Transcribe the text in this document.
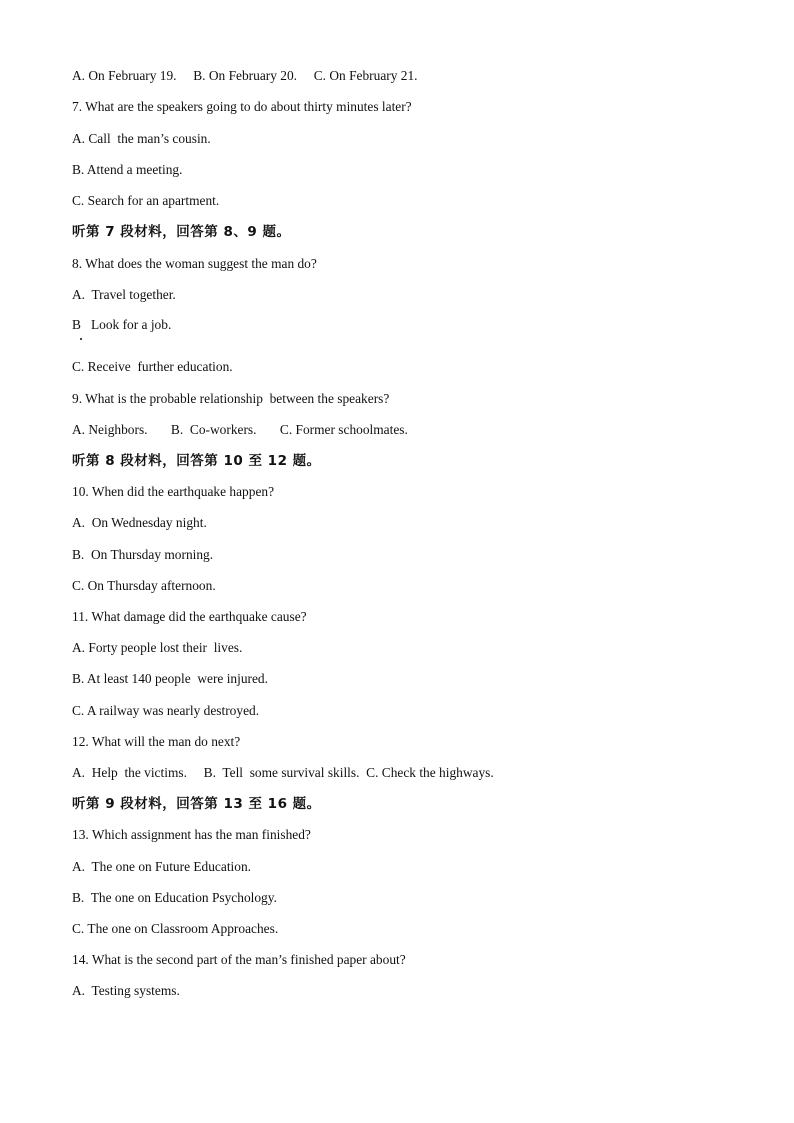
A. On February 19.     B. On February 20.     C. On February 21.
7. What are the speakers going to do about thirty minutes later?
A. Call  the man’s cousin.
B. Attend a meeting.
C. Search for an apartment.
听第 7 段材料，回答第 8、9 题。
8. What does the woman suggest the man do?
A.  Travel together.
B   Look for a job.
C. Receive  further education.
9. What is the probable relationship  between the speakers?
A. Neighbors.       B.  Co-workers.       C. Former schoolmates.
听第 8 段材料，回答第 10 至 12 题。
10. When did the earthquake happen?
A.  On Wednesday night.
B.  On Thursday morning.
C. On Thursday afternoon.
11. What damage did the earthquake cause?
A. Forty people lost their  lives.
B. At least 140 people  were injured.
C. A railway was nearly destroyed.
12. What will the man do next?
A.  Help  the victims.     B.  Tell  some survival skills.  C. Check the highways.
听第 9 段材料，回答第 13 至 16 题。
13. Which assignment has the man finished?
A.  The one on Future Education.
B.  The one on Education Psychology.
C. The one on Classroom Approaches.
14. What is the second part of the man’s finished paper about?
A.  Testing systems.
